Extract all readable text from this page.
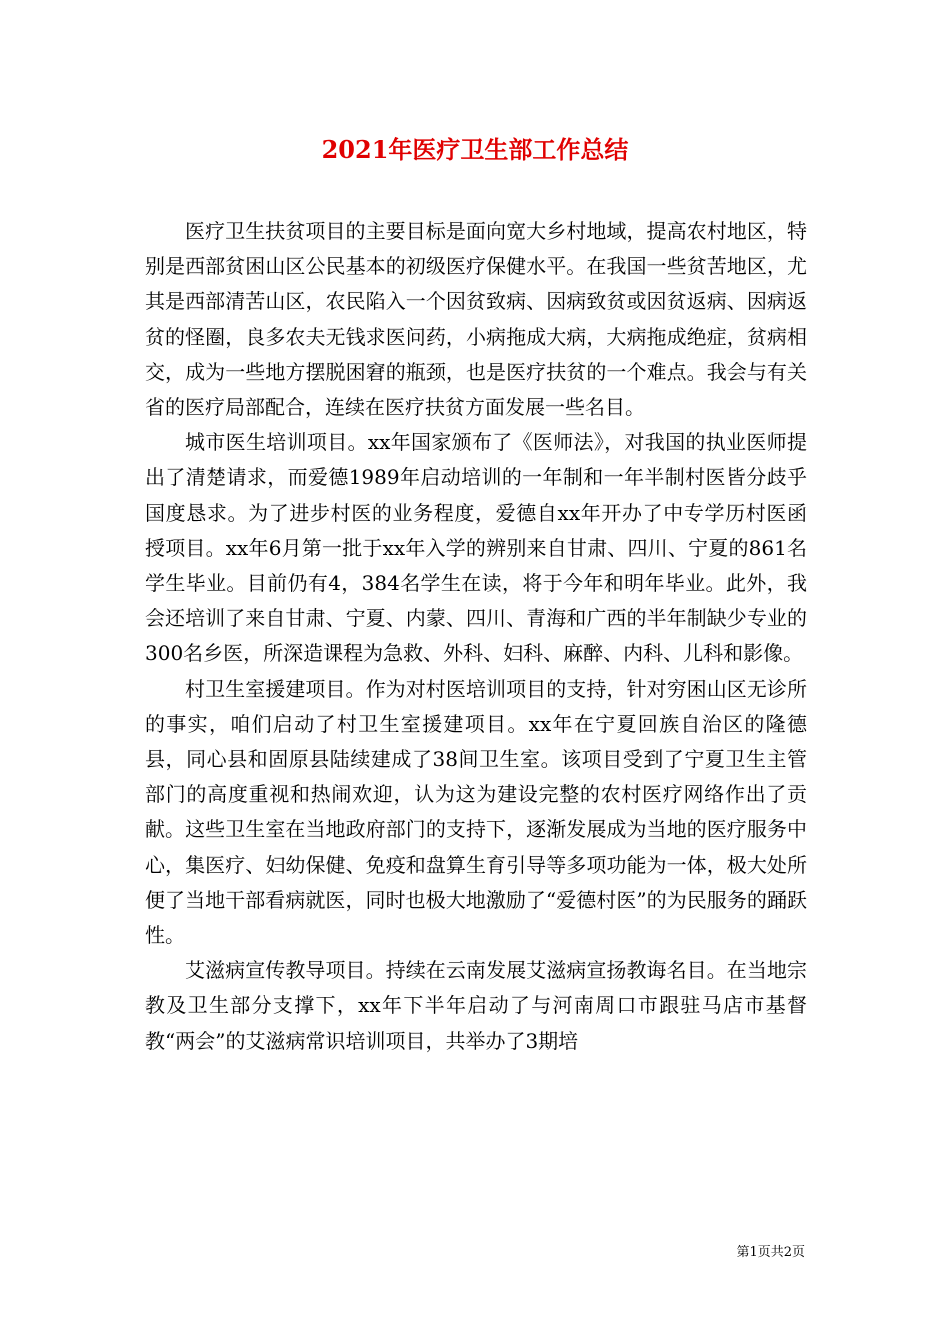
2021年医疗卫生部工作总结

医疗卫生扶贫项目的主要目标是面向宽大乡村地域，提高农村地区，特别是西部贫困山区公民基本的初级医疗保健水平。在我国一些贫苦地区，尤其是西部清苦山区，农民陷入一个因贫致病、因病致贫或因贫返病、因病返贫的怪圈，良多农夫无钱求医问药，小病拖成大病，大病拖成绝症，贫病相交，成为一些地方摆脱困窘的瓶颈，也是医疗扶贫的一个难点。我会与有关省的医疗局部配合，连续在医疗扶贫方面发展一些名目。

城市医生培训项目。xx年国家颁布了《医师法》，对我国的执业医师提出了清楚请求，而爱德1989年启动培训的一年制和一年半制村医皆分歧乎国度恳求。为了进步村医的业务程度，爱德自xx年开办了中专学历村医函授项目。xx年6月第一批于xx年入学的辨别来自甘肃、四川、宁夏的861名学生毕业。目前仍有4，384名学生在读，将于今年和明年毕业。此外，我会还培训了来自甘肃、宁夏、内蒙、四川、青海和广西的半年制缺少专业的300名乡医，所深造课程为急救、外科、妇科、麻醉、内科、儿科和影像。

村卫生室援建项目。作为对村医培训项目的支持，针对穷困山区无诊所的事实，咱们启动了村卫生室援建项目。xx年在宁夏回族自治区的隆德县，同心县和固原县陆续建成了38间卫生室。该项目受到了宁夏卫生主管部门的高度重视和热闹欢迎，认为这为建设完整的农村医疗网络作出了贡献。这些卫生室在当地政府部门的支持下，逐渐发展成为当地的医疗服务中心，集医疗、妇幼保健、免疫和盘算生育引导等多项功能为一体，极大处所便了当地干部看病就医，同时也极大地激励了“爱德村医”的为民服务的踊跃性。

艾滋病宣传教导项目。持续在云南发展艾滋病宣扬教诲名目。在当地宗教及卫生部分支撑下，xx年下半年启动了与河南周口市跟驻马店市基督教“两会”的艾滋病常识培训项目，共举办了3期培

第1页共2页
